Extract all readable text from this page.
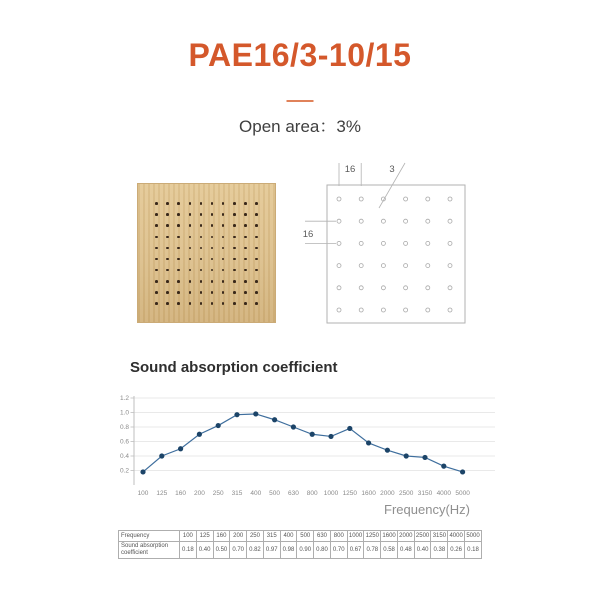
PAE16/3-10/15
Open area：3%
16	3
16
Sound absorption coefficient
0.2
0.4
0.6
0.8
1.0
1.2
100 125 160 200 250 315 400 500 630 800 1000 1250 1600 2000 2500 3150 4000 5000
Frequency(Hz)
Frequency	100	125	160	200	250	315	400	500	630	800	1000	1250	1600	2000	2500	3150	4000	5000
Sound absorption coefficient	0.18	0.40	0.50	0.70	0.82	0.97	0.98	0.90	0.80	0.70	0.67	0.78	0.58	0.48	0.40	0.38	0.26	0.18
